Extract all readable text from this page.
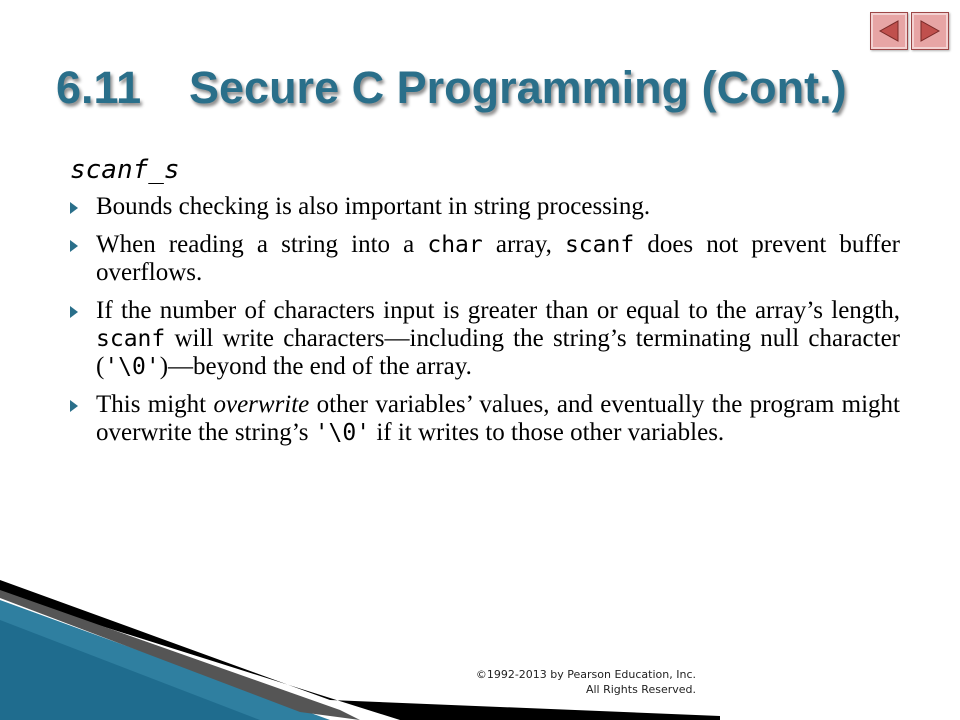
6.11 Secure C Programming (Cont.)
scanf_s
Bounds checking is also important in string processing.
When reading a string into a char array, scanf does not prevent buffer overflows.
If the number of characters input is greater than or equal to the array’s length, scanf will write characters—including the string’s terminating null character ('\0')—beyond the end of the array.
This might overwrite other variables’ values, and eventually the program might overwrite the string’s '\0' if it writes to those other variables.
©1992-2013 by Pearson Education, Inc.
All Rights Reserved.
